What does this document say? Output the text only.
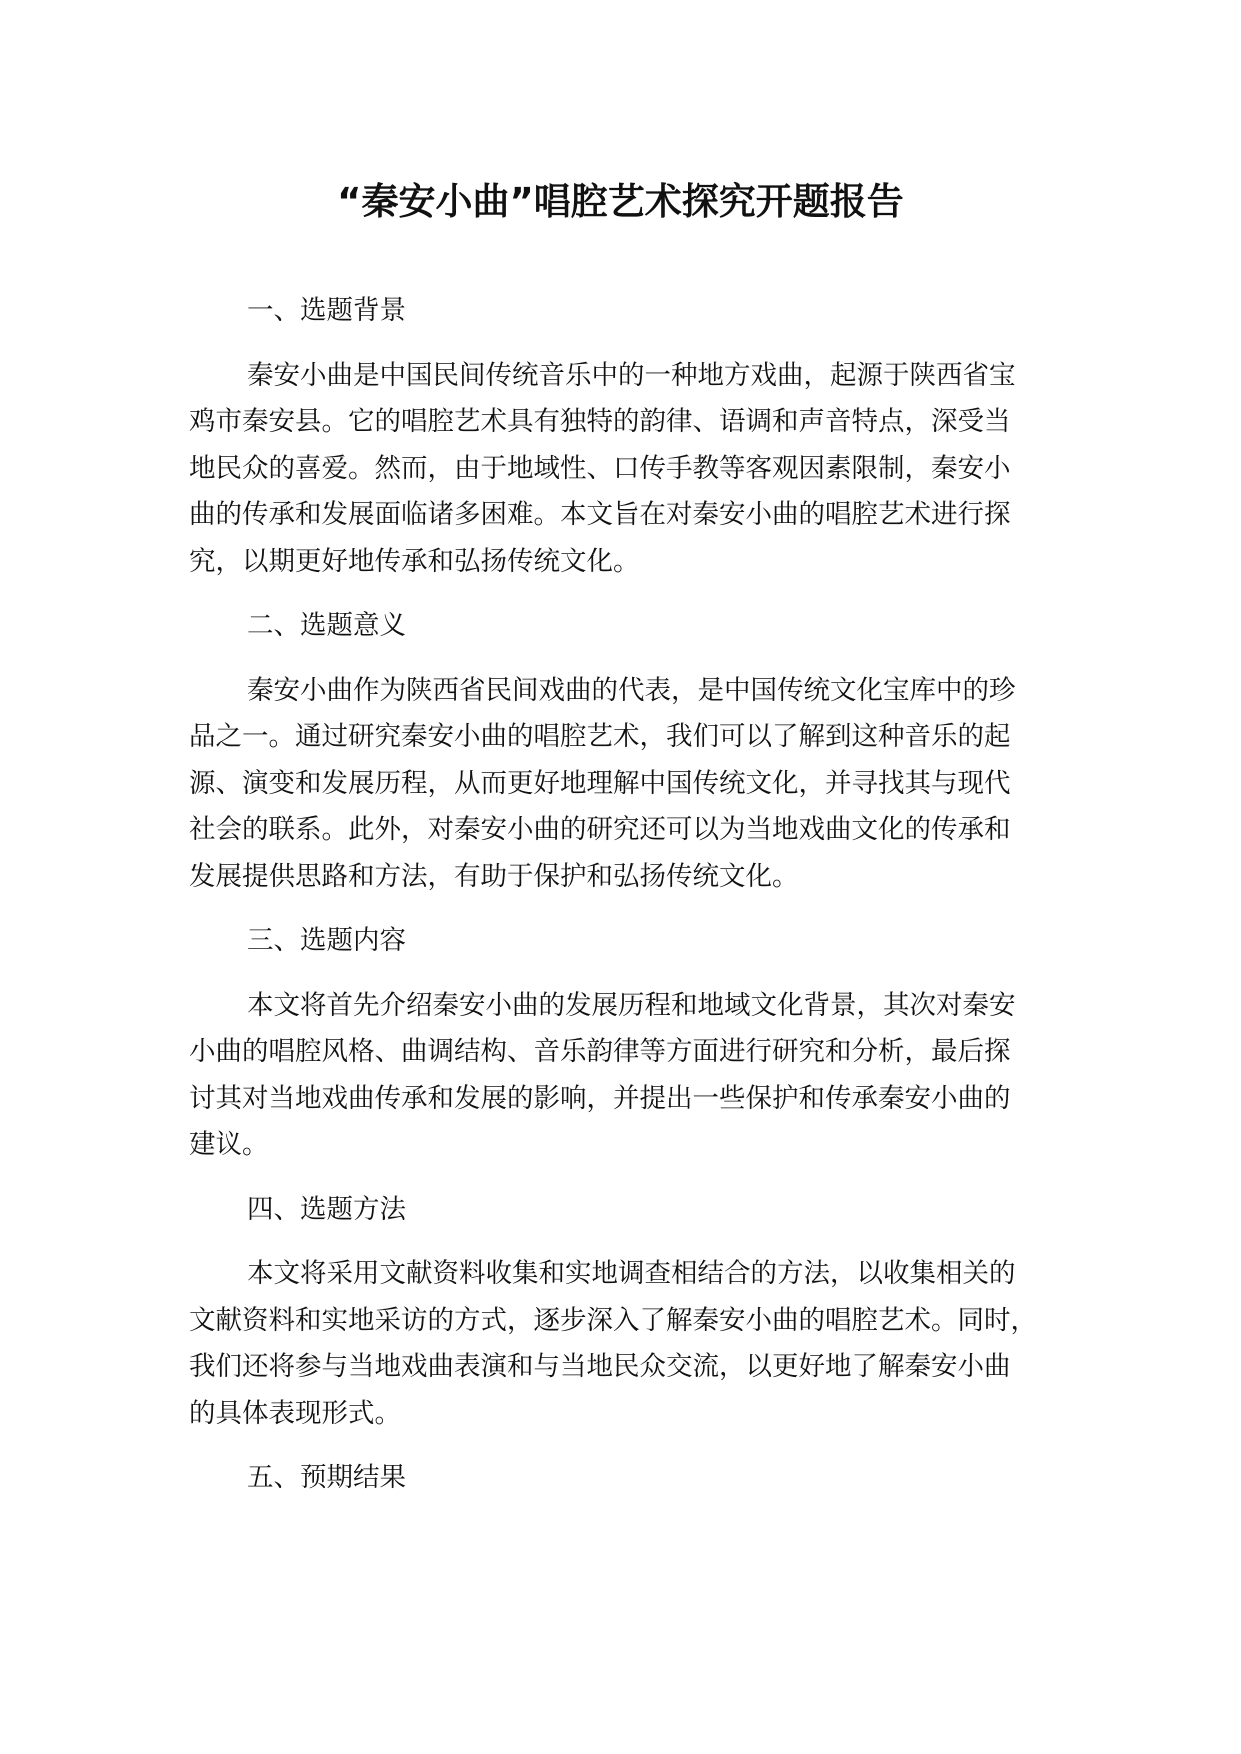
“秦安小曲”唱腔艺术探究开题报告
一、选题背景
秦安小曲是中国民间传统音乐中的一种地方戏曲，起源于陕西省宝
鸡市秦安县。它的唱腔艺术具有独特的韵律、语调和声音特点，深受当
地民众的喜爱。然而，由于地域性、口传手教等客观因素限制，秦安小
曲的传承和发展面临诸多困难。本文旨在对秦安小曲的唱腔艺术进行探
究，以期更好地传承和弘扬传统文化。
二、选题意义
秦安小曲作为陕西省民间戏曲的代表，是中国传统文化宝库中的珍
品之一。通过研究秦安小曲的唱腔艺术，我们可以了解到这种音乐的起
源、演变和发展历程，从而更好地理解中国传统文化，并寻找其与现代
社会的联系。此外，对秦安小曲的研究还可以为当地戏曲文化的传承和
发展提供思路和方法，有助于保护和弘扬传统文化。
三、选题内容
本文将首先介绍秦安小曲的发展历程和地域文化背景，其次对秦安
小曲的唱腔风格、曲调结构、音乐韵律等方面进行研究和分析，最后探
讨其对当地戏曲传承和发展的影响，并提出一些保护和传承秦安小曲的
建议。
四、选题方法
本文将采用文献资料收集和实地调查相结合的方法，以收集相关的
文献资料和实地采访的方式，逐步深入了解秦安小曲的唱腔艺术。同时，
我们还将参与当地戏曲表演和与当地民众交流，以更好地了解秦安小曲
的具体表现形式。
五、预期结果
